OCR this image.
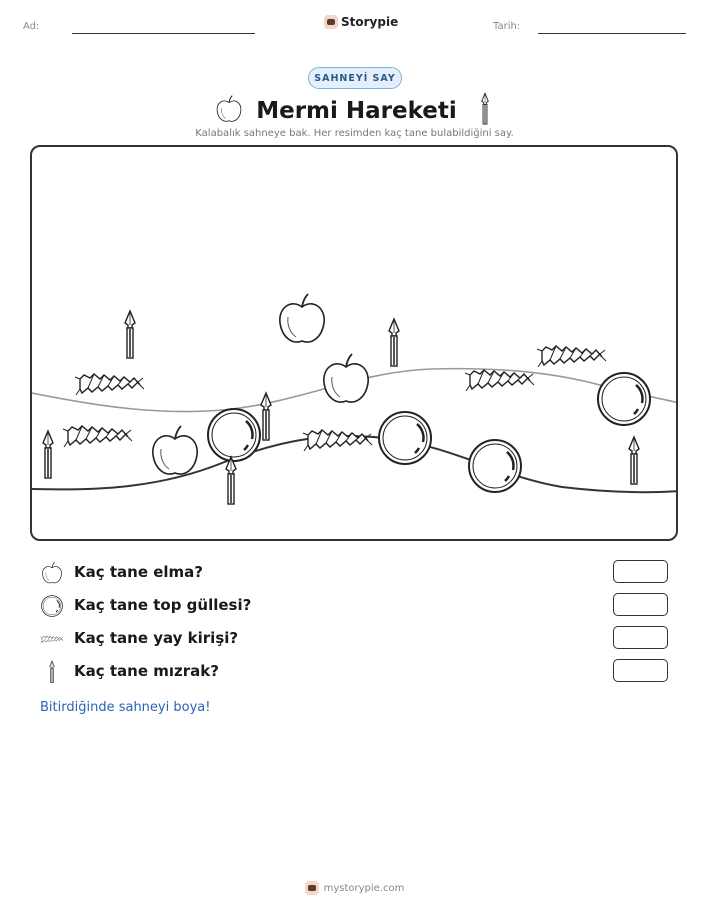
Ad:	Storypie	Tarih:
SAHNEYİ SAY
Mermi Hareketi
Kalabalık sahneye bak. Her resimden kaç tane bulabildiğini say.
Kaç tane elma?
Kaç tane top güllesi?
Kaç tane yay kirişi?
Kaç tane mızrak?
Bitirdiğinde sahneyi boya!
mystorypie.com
